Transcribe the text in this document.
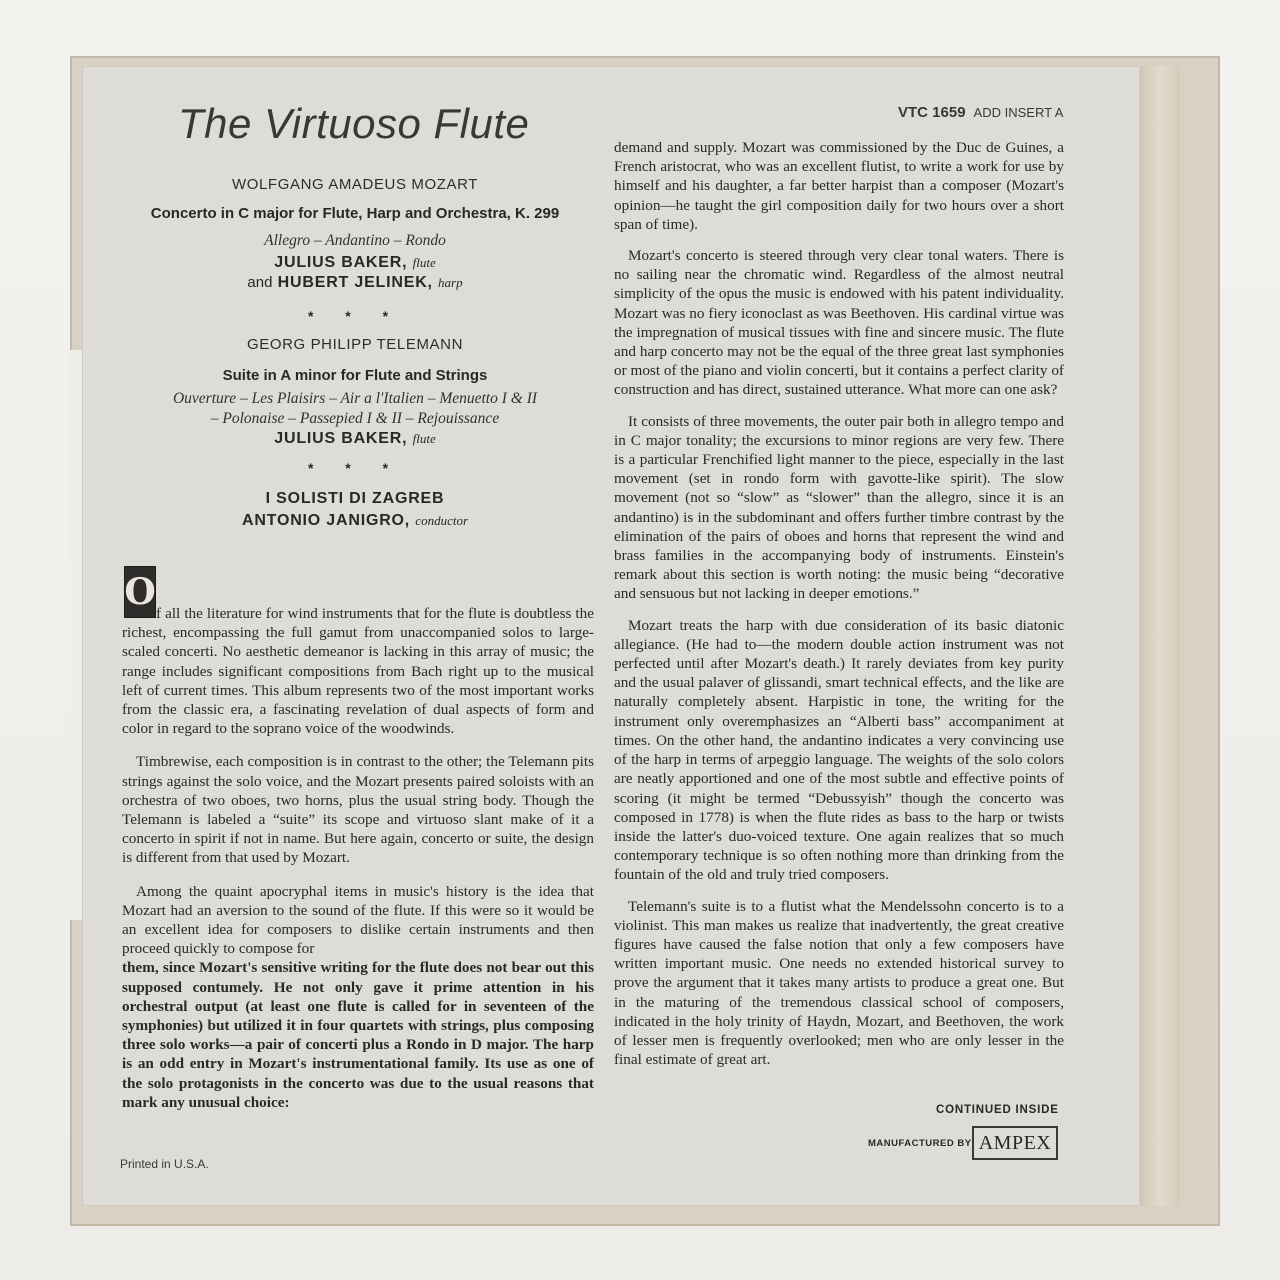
The Virtuoso Flute	VTC 1659 ADD INSERT A

WOLFGANG AMADEUS MOZART

Concerto in C major for Flute, Harp and Orchestra, K. 299

Allegro – Andantino – Rondo

JULIUS BAKER, flute

and HUBERT JELINEK, harp

* * *

GEORG PHILIPP TELEMANN

Suite in A minor for Flute and Strings

Ouverture – Les Plaisirs – Air a l'Italien – Menuetto I & II

– Polonaise – Passepied I & II – Rejouissance

JULIUS BAKER, flute

* * *

I SOLISTI DI ZAGREB

ANTONIO JANIGRO, conductor

O

f all the literature for wind instruments that for the flute is doubtless the richest, encompassing the full gamut from unaccompanied solos to large-scaled concerti. No aesthetic demeanor is lacking in this array of music; the range includes significant compositions from Bach right up to the musical left of current times. This album represents two of the most important works from the classic era, a fascinating revelation of dual aspects of form and color in regard to the soprano voice of the woodwinds.

Timbrewise, each composition is in contrast to the other; the Telemann pits strings against the solo voice, and the Mozart presents paired soloists with an orchestra of two oboes, two horns, plus the usual string body. Though the Telemann is labeled a “suite” its scope and virtuoso slant make of it a concerto in spirit if not in name. But here again, concerto or suite, the design is different from that used by Mozart.

Among the quaint apocryphal items in music's history is the idea that Mozart had an aversion to the sound of the flute. If this were so it would be an excellent idea for composers to dislike certain instruments and then proceed quickly to compose for

them, since Mozart's sensitive writing for the flute does not bear out this supposed contumely. He not only gave it prime attention in his orchestral output (at least one flute is called for in seventeen of the symphonies) but utilized it in four quartets with strings, plus composing three solo works—a pair of concerti plus a Rondo in D major. The harp is an odd entry in Mozart's instrumentational family. Its use as one of the solo protagonists in the concerto was due to the usual reasons that mark any unusual choice:

demand and supply. Mozart was commissioned by the Duc de Guines, a French aristocrat, who was an excellent flutist, to write a work for use by himself and his daughter, a far better harpist than a composer (Mozart's opinion—he taught the girl composition daily for two hours over a short span of time).

Mozart's concerto is steered through very clear tonal waters. There is no sailing near the chromatic wind. Regardless of the almost neutral simplicity of the opus the music is endowed with his patent individuality. Mozart was no fiery iconoclast as was Beethoven. His cardinal virtue was the impregnation of musical tissues with fine and sincere music. The flute and harp concerto may not be the equal of the three great last symphonies or most of the piano and violin concerti, but it contains a perfect clarity of construction and has direct, sustained utterance. What more can one ask?

It consists of three movements, the outer pair both in allegro tempo and in C major tonality; the excursions to minor regions are very few. There is a particular Frenchified light manner to the piece, especially in the last movement (set in rondo form with gavotte-like spirit). The slow movement (not so “slow” as “slower” than the allegro, since it is an andantino) is in the subdominant and offers further timbre contrast by the elimination of the pairs of oboes and horns that represent the wind and brass families in the accompanying body of instruments. Einstein's remark about this section is worth noting: the music being “decorative and sensuous but not lacking in deeper emotions.”

Mozart treats the harp with due consideration of its basic diatonic allegiance. (He had to—the modern double action instrument was not perfected until after Mozart's death.) It rarely deviates from key purity and the usual palaver of glissandi, smart technical effects, and the like are naturally completely absent. Harpistic in tone, the writing for the instrument only overemphasizes an “Alberti bass” accompaniment at times. On the other hand, the andantino indicates a very convincing use of the harp in terms of arpeggio language. The weights of the solo colors are neatly apportioned and one of the most subtle and effective points of scoring (it might be termed “Debussyish” though the concerto was composed in 1778) is when the flute rides as bass to the harp or twists inside the latter's duo-voiced texture. One again realizes that so much contemporary technique is so often nothing more than drinking from the fountain of the old and truly tried composers.

Telemann's suite is to a flutist what the Mendelssohn concerto is to a violinist. This man makes us realize that inadvertently, the great creative figures have caused the false notion that only a few composers have written important music. One needs no extended historical survey to prove the argument that it takes many artists to produce a great one. But in the maturing of the tremendous classical school of composers, indicated in the holy trinity of Haydn, Mozart, and Beethoven, the work of lesser men is frequently overlooked; men who are only lesser in the final estimate of great art.

CONTINUED INSIDE
MANUFACTURED BY AMPEX
Printed in U.S.A.
